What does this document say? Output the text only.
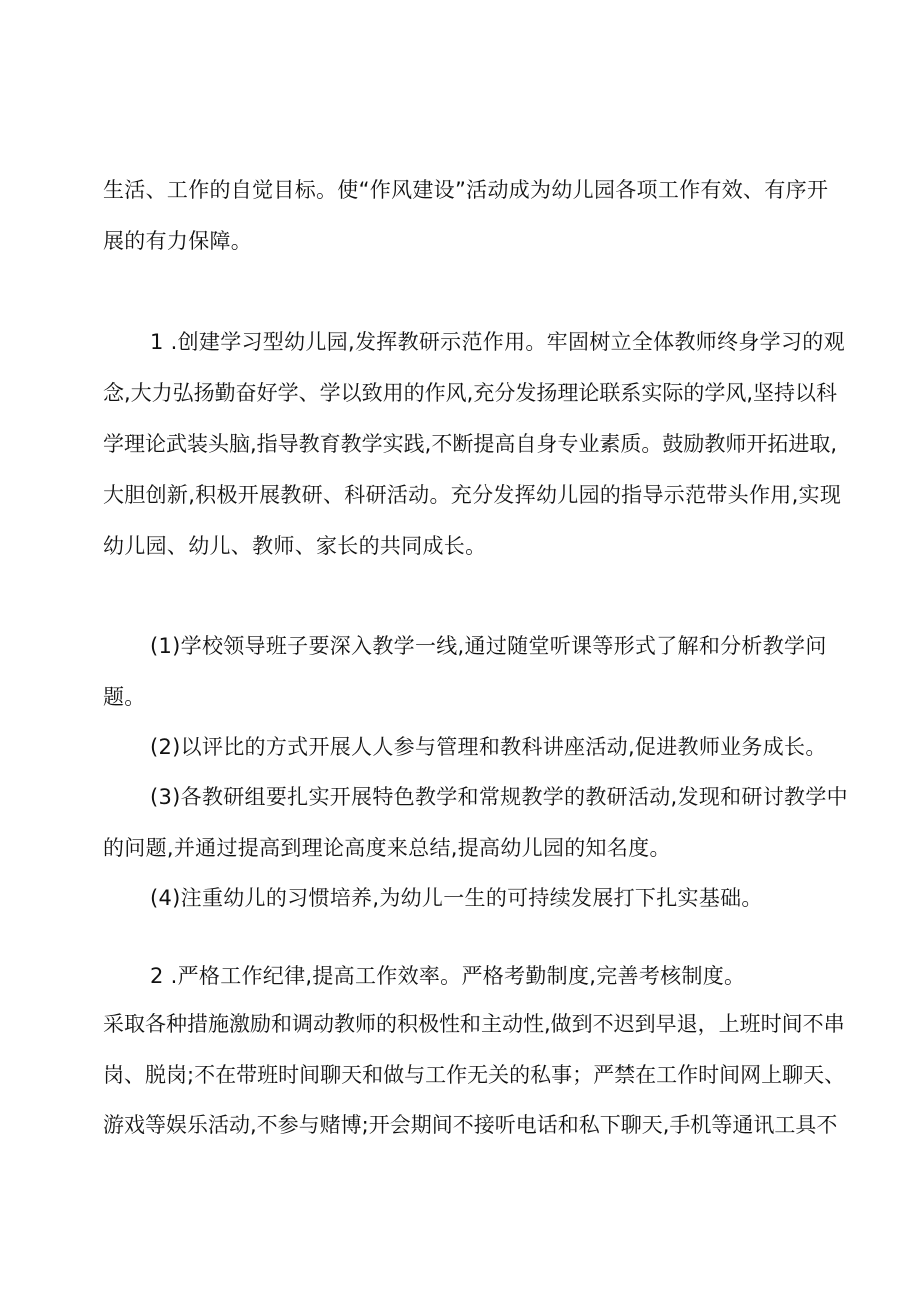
生活、工作的自觉目标。使“作风建设”活动成为幼儿园各项工作有效、有序开
展的有力保障。
1 .创建学习型幼儿园,发挥教研示范作用。牢固树立全体教师终身学习的观
念,大力弘扬勤奋好学、学以致用的作风,充分发扬理论联系实际的学风,坚持以科
学理论武装头脑,指导教育教学实践,不断提高自身专业素质。鼓励教师开拓进取,
大胆创新,积极开展教研、科研活动。充分发挥幼儿园的指导示范带头作用,实现
幼儿园、幼儿、教师、家长的共同成长。
(1)学校领导班子要深入教学一线,通过随堂听课等形式了解和分析教学问
题。
(2)以评比的方式开展人人参与管理和教科讲座活动,促进教师业务成长。
(3)各教研组要扎实开展特色教学和常规教学的教研活动,发现和研讨教学中
的问题,并通过提高到理论高度来总结,提高幼儿园的知名度。
(4)注重幼儿的习惯培养,为幼儿一生的可持续发展打下扎实基础。
2 .严格工作纪律,提高工作效率。严格考勤制度,完善考核制度。
采取各种措施激励和调动教师的积极性和主动性,做到不迟到早退，上班时间不串
岗、脱岗;不在带班时间聊天和做与工作无关的私事；严禁在工作时间网上聊天、
游戏等娱乐活动,不参与赌博;开会期间不接听电话和私下聊天,手机等通讯工具不
